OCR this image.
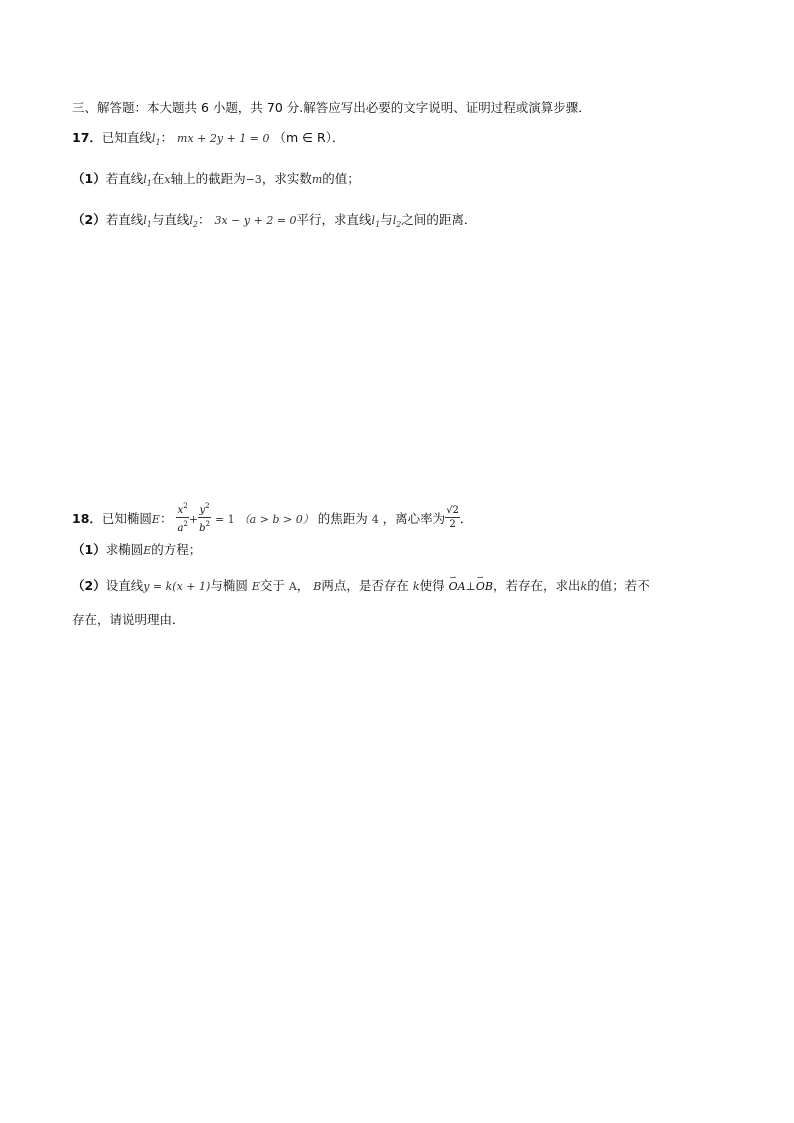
三、解答题：本大题共 6 小题，共 70 分.解答应写出必要的文字说明、证明过程或演算步骤．
17．已知直线$l_1$： mx + 2y + 1 = 0 （m ∈ R）．
（1）若直线$l_1$在x轴上的截距为−3，求实数m的值；
（2）若直线$l_1$与直线$l_2$： 3x − y + 2 = 0平行，求直线$l_1$与$l_2$之间的距离．
18．已知椭圆E： $\frac{x^2}{a^2} + \frac{y^2}{b^2} = 1$ （a > b > 0） 的焦距为 4 ，离心率为 $\frac{√2}{2}$ ．
（1）求椭圆E的方程；
（2）设直线y = k(x + 1)与椭圆 E交于 A， B两点，是否存在 k使得 ⇀ OA⊥⇀ OB，若存在，求出k的值；若不
存在，请说明理由．
